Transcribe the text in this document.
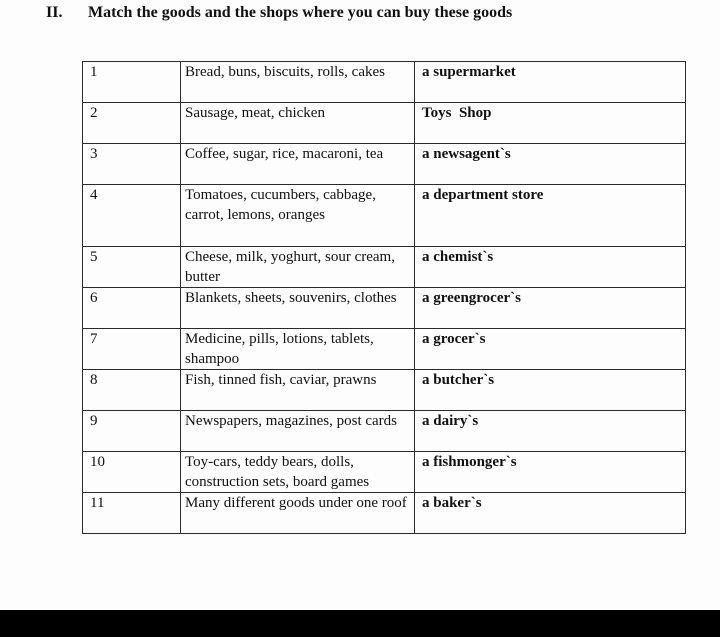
II. Match the goods and the shops where you can buy these goods
1	Bread, buns, biscuits, rolls, cakes	a supermarket
2	Sausage, meat, chicken	Toys  Shop
3	Coffee, sugar, rice, macaroni, tea	a newsagent`s
4	Tomatoes, cucumbers, cabbage, carrot, lemons, oranges	a department store
5	Cheese, milk, yoghurt, sour cream, butter	a chemist`s
6	Blankets, sheets, souvenirs, clothes	a greengrocer`s
7	Medicine, pills, lotions, tablets, shampoo	a grocer`s
8	Fish, tinned fish, caviar, prawns	a butcher`s
9	Newspapers, magazines, post cards	a dairy`s
10	Toy-cars, teddy bears, dolls, construction sets, board games	a fishmonger`s
11	Many different goods under one roof	a baker`s
